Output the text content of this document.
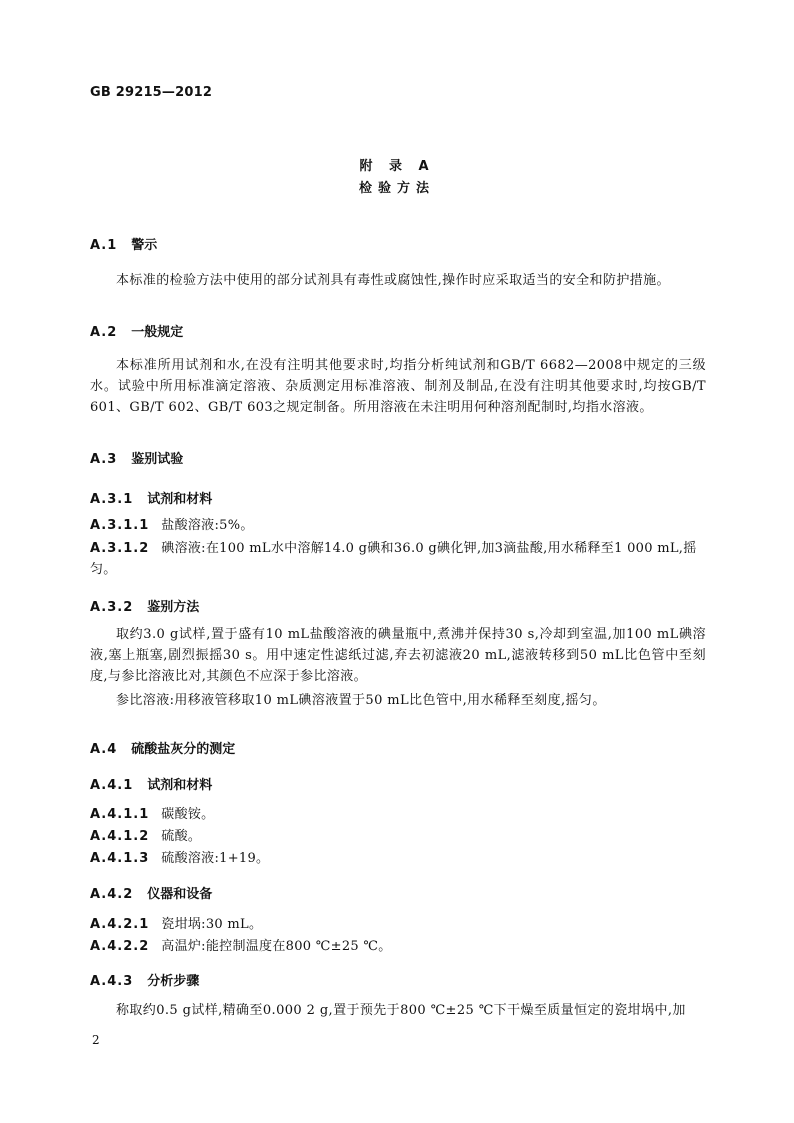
GB 29215—2012
附 录 A
检验方法
A.1 警示
本标准的检验方法中使用的部分试剂具有毒性或腐蚀性,操作时应采取适当的安全和防护措施。
A.2 一般规定
本标准所用试剂和水,在没有注明其他要求时,均指分析纯试剂和GB/T 6682—2008中规定的三级水。试验中所用标准滴定溶液、杂质测定用标准溶液、制剂及制品,在没有注明其他要求时,均按GB/T 601、GB/T 602、GB/T 603之规定制备。所用溶液在未注明用何种溶剂配制时,均指水溶液。
A.3 鉴别试验
A.3.1 试剂和材料
A.3.1.1 盐酸溶液:5%。
A.3.1.2 碘溶液:在100 mL水中溶解14.0 g碘和36.0 g碘化钾,加3滴盐酸,用水稀释至1 000 mL,摇匀。
A.3.2 鉴别方法
取约3.0 g试样,置于盛有10 mL盐酸溶液的碘量瓶中,煮沸并保持30 s,冷却到室温,加100 mL碘溶液,塞上瓶塞,剧烈振摇30 s。用中速定性滤纸过滤,弃去初滤液20 mL,滤液转移到50 mL比色管中至刻度,与参比溶液比对,其颜色不应深于参比溶液。
参比溶液:用移液管移取10 mL碘溶液置于50 mL比色管中,用水稀释至刻度,摇匀。
A.4 硫酸盐灰分的测定
A.4.1 试剂和材料
A.4.1.1 碳酸铵。
A.4.1.2 硫酸。
A.4.1.3 硫酸溶液:1+19。
A.4.2 仪器和设备
A.4.2.1 瓷坩埚:30 mL。
A.4.2.2 高温炉:能控制温度在800 ℃±25 ℃。
A.4.3 分析步骤
称取约0.5 g试样,精确至0.000 2 g,置于预先于800 ℃±25 ℃下干燥至质量恒定的瓷坩埚中,加
2
